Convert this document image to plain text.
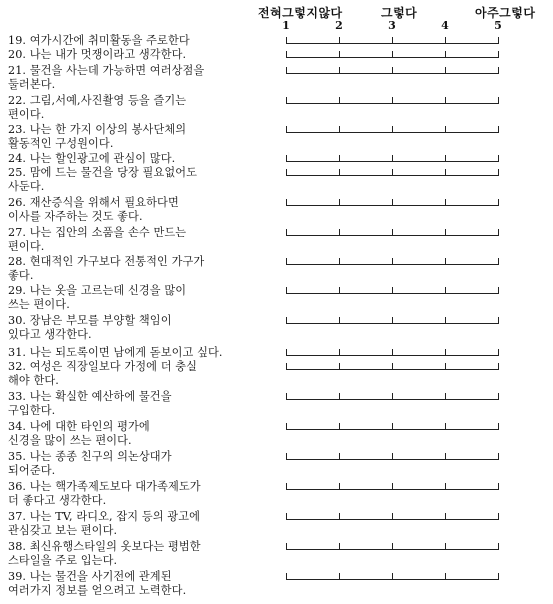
전혀그렇지않다	그렇다	아주그렇다
1	2	3	4	5
19. 여가시간에 취미활동을 주로한다
20. 나는 내가 멋쟁이라고 생각한다.
21. 물건을 사는데 가능하면 여러상점을
둘러본다.
22. 그림,서예,사진촬영 등을 즐기는
편이다.
23. 나는 한 가지 이상의 봉사단체의
활동적인 구성원이다.
24. 나는 할인광고에 관심이 많다.
25. 맘에 드는 물건을 당장 필요없어도
사둔다.
26. 재산증식을 위해서 필요하다면
이사를 자주하는 것도 좋다.
27. 나는 집안의 소품을 손수 만드는
편이다.
28. 현대적인 가구보다 전통적인 가구가
좋다.
29. 나는 옷을 고르는데 신경을 많이
쓰는 편이다.
30. 장남은 부모를 부양할 책임이
있다고 생각한다.
31. 나는 되도록이면 남에게 돋보이고 싶다.
32. 여성은 직장일보다 가정에 더 충실
해야 한다.
33. 나는 확실한 예산하에 물건을
구입한다.
34. 나에 대한 타인의 평가에
신경을 많이 쓰는 편이다.
35. 나는 종종 친구의 의논상대가
되어준다.
36. 나는 핵가족제도보다 대가족제도가
더 좋다고 생각한다.
37. 나는 TV, 라디오, 잡지 등의 광고에
관심갖고 보는 편이다.
38. 최신유행스타일의 옷보다는 평범한
스타일을 주로 입는다.
39. 나는 물건을 사기전에 관계된
여러가지 정보를 얻으려고 노력한다.
